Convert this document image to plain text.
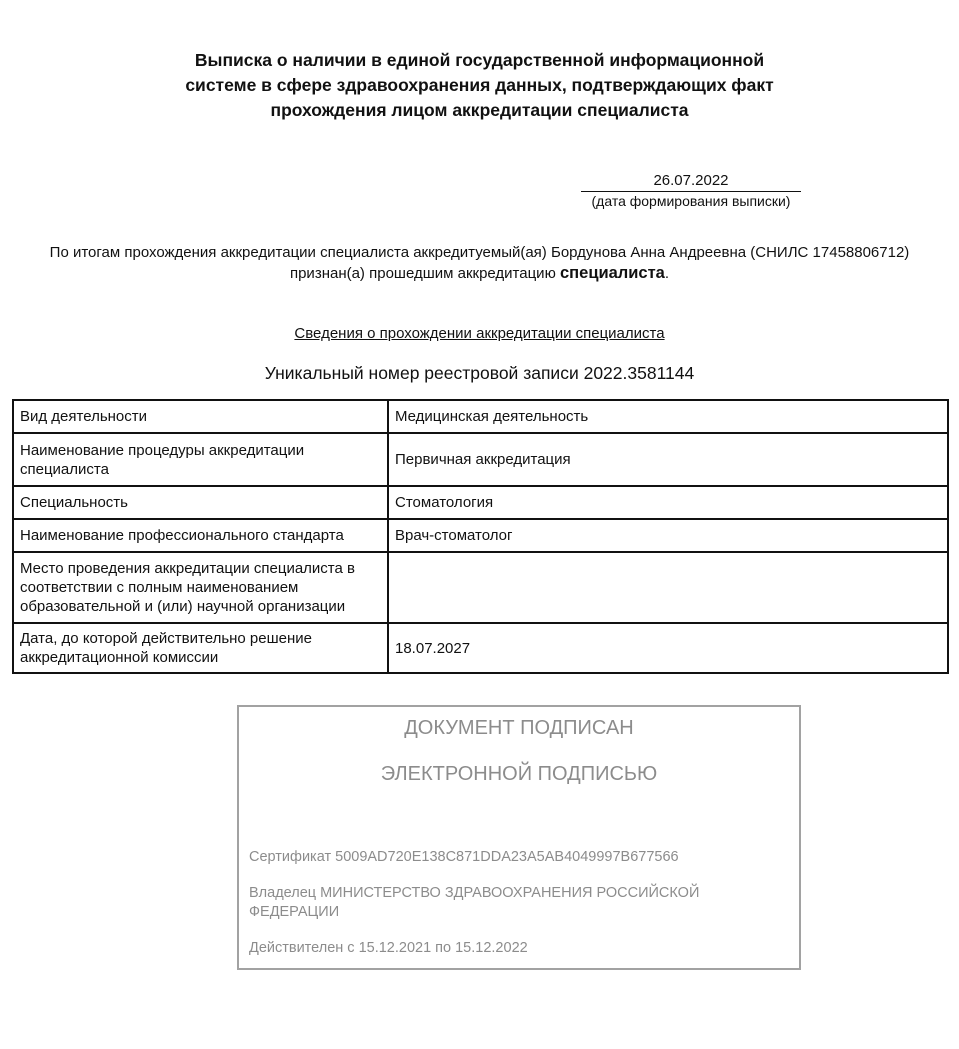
Выписка о наличии в единой государственной информационной
системе в сфере здравоохранения данных, подтверждающих факт
прохождения лицом аккредитации специалиста
26.07.2022
(дата формирования выписки)
По итогам прохождения аккредитации специалиста аккредитуемый(ая) Бордунова Анна Андреевна (СНИЛС 17458806712)
признан(а) прошедшим аккредитацию специалиста.
Сведения о прохождении аккредитации специалиста
Уникальный номер реестровой записи 2022.3581144
Вид деятельности	Медицинская деятельность
Наименование процедуры аккредитации специалиста	Первичная аккредитация
Специальность	Стоматология
Наименование профессионального стандарта	Врач-стоматолог
Место проведения аккредитации специалиста в соответствии с полным наименованием образовательной и (или) научной организации	
Дата, до которой действительно решение аккредитационной комиссии	18.07.2027
ДОКУМЕНТ ПОДПИСАН
ЭЛЕКТРОННОЙ ПОДПИСЬЮ
Сертификат 5009AD720E138C871DDA23A5AB4049997B677566
Владелец МИНИСТЕРСТВО ЗДРАВООХРАНЕНИЯ РОССИЙСКОЙ ФЕДЕРАЦИИ
Действителен с 15.12.2021 по 15.12.2022
